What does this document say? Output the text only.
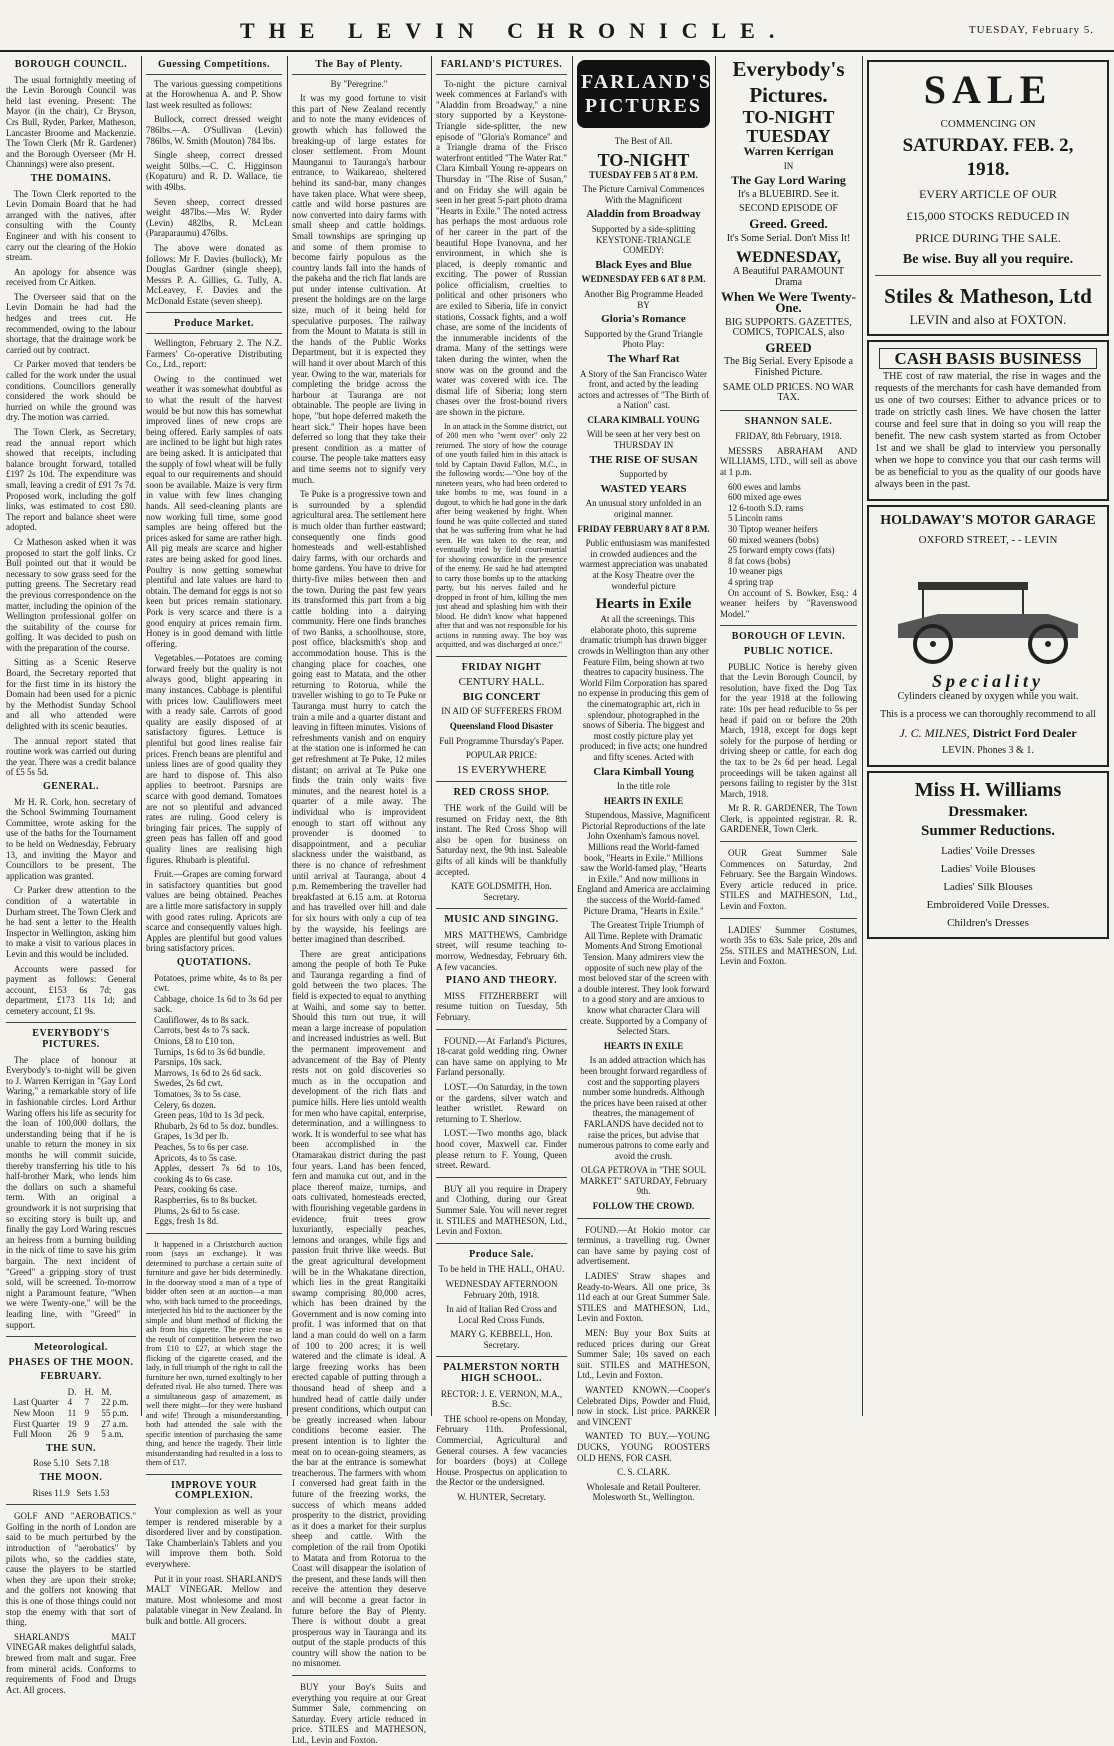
THE LEVIN CHRONICLE.	TUESDAY, February 5.
BOROUGH COUNCIL.

The usual fortnightly meeting of the Levin Borough Council was held last evening. Present: The Mayor (in the chair), Cr Bryson, Crs Bull, Ryder, Parker, Matheson, Lancaster Broome and Mackenzie. The Town Clerk (Mr R. Gardener) and the Borough Overseer (Mr H. Channings) were also present.

THE DOMAINS.

The Town Clerk reported to the Levin Domain Board that he had arranged with the natives, after consulting with the County Engineer and with his consent to carry out the clearing of the Hokio stream.

An apology for absence was received from Cr Aitken.

The Overseer said that on the Levin Domain he had had the hedges and trees cut. He recommended, owing to the labour shortage, that the drainage work be carried out by contract.

Cr Parker moved that tenders be called for the work under the usual conditions. Councillors generally considered the work should be hurried on while the ground was dry. The motion was carried.

The Town Clerk, as Secretary, read the annual report which showed that receipts, including balance brought forward, totalled £197 2s 10d. The expenditure was small, leaving a credit of £91 7s 7d. Proposed work, including the golf links, was estimated to cost £80. The report and balance sheet were adopted.

Cr Matheson asked when it was proposed to start the golf links. Cr Bull pointed out that it would be necessary to sow grass seed for the putting greens. The Secretary read the previous correspondence on the matter, including the opinion of the Wellington professional golfer on the suitability of the course for golfing. It was decided to push on with the preparation of the course.

Sitting as a Scenic Reserve Board, the Secretary reported that for the first time in its history the Domain had been used for a picnic by the Methodist Sunday School and all who attended were delighted with its scenic beauties.

The annual report stated that routine work was carried out during the year. There was a credit balance of £5 5s 5d.

GENERAL.

Mr H. R. Cork, hon. secretary of the School Swimming Tournament Committee, wrote asking for the use of the baths for the Tournament to be held on Wednesday, February 13, and inviting the Mayor and Councillors to be present. The application was granted.

Cr Parker drew attention to the condition of a watertable in Durham street. The Town Clerk and he had sent a letter to the Health Inspector in Wellington, asking him to make a visit to various places in Levin and this would be included.

Accounts were passed for payment as follows: General account, £153 6s 7d; gas department, £173 11s 1d; and cemetery account, £1 9s.

EVERYBODY'S PICTURES.

The place of honour at Everybody's to-night will be given to J. Warren Kerrigan in "Gay Lord Waring," a remarkable story of life in fashionable circles. Lord Arthur Waring offers his life as security for the loan of 100,000 dollars, the understanding being that if he is unable to return the money in six months he will commit suicide, thereby transferring his title to his half-brother Mark, who lends him the dollars on such a shameful term. With an original a groundwork it is not surprising that so exciting story is built up, and finally the gay Lord Waring rescues an heiress from a burning building in the nick of time to save his grim bargain. The next incident of "Greed" a gripping story of trust sold, will be screened. To-morrow night a Paramount feature, "When we were Twenty-one," will be the leading line, with "Greed" in support.

Meteorological.
PHASES OF THE MOON.
FEBRUARY.
	D.	H.	M.
Last Quarter	4	7	22 p.m.
New Moon	11	9	55 p.m.
First Quarter	19	9	27 a.m.
Full Moon	26	9	5 a.m.
THE SUN.

Rose 5.10 Sets 7.18

THE MOON.

Rises 11.9 Sets 1.53

GOLF AND "AEROBATICS." Golfing in the north of London are said to be much perturbed by the introduction of "aerobatics" by pilots who, so the caddies state, cause the players to be startled when they are upon their stroke; and the golfers not knowing that this is one of those things could not stop the enemy with that sort of thing.

SHARLAND'S MALT VINEGAR makes delightful salads, brewed from malt and sugar. Free from mineral acids. Conforms to requirements of Food and Drugs Act. All grocers.

Guessing Competitions.

The various guessing competitions at the Horowhenua A. and P. Show last week resulted as follows:

Bullock, correct dressed weight 786lbs.—A. O'Sullivan (Levin) 786lbs, W. Smith (Mouton) 784 lbs.

Single sheep, correct dressed weight 50lbs.—C. C. Higginson (Kopaturu) and R. D. Wallace, tie with 49lbs.

Seven sheep, correct dressed weight 487lbs.—Mrs W. Ryder (Levin) 482lbs, R. McLean (Paraparaumu) 476lbs.

The above were donated as follows: Mr F. Davies (bullock), Mr Douglas Gardner (single sheep), Messrs P. A. Gillies, G. Tully, A. McLeavey, F. Davies and the McDonald Estate (seven sheep).

Produce Market.

Wellington, February 2. The N.Z. Farmers' Co-operative Distributing Co., Ltd., report:

Owing to the continued wet weather it was somewhat doubtful as to what the result of the harvest would be but now this has somewhat improved lines of new crops are being offered. Early samples of oats are inclined to be light but high rates are being asked. It is anticipated that the supply of fowl wheat will be fully equal to our requirements and should soon be available. Maize is very firm in value with few lines changing hands. All seed-cleaning plants are now working full time, some good samples are being offered but the prices asked for same are rather high. All pig meals are scarce and higher rates are being asked for good lines. Poultry is now getting somewhat plentiful and late values are hard to obtain. The demand for eggs is not so keen but prices remain stationary. Pork is very scarce and there is a good enquiry at prices remain firm. Honey is in good demand with little offering.

Vegetables.—Potatoes are coming forward freely but the quality is not always good, blight appearing in many instances. Cabbage is plentiful with prices low. Cauliflowers meet with a ready sale. Carrots of good quality are easily disposed of at satisfactory figures. Lettuce is plentiful but good lines realise fair prices. French beans are plentiful and unless lines are of good quality they are hard to dispose of. This also applies to beetroot. Parsnips are scarce with good demand. Tomatoes are not so plentiful and advanced rates are ruling. Good celery is bringing fair prices. The supply of green peas has fallen off and good quality lines are realising high figures. Rhubarb is plentiful.

Fruit.—Grapes are coming forward in satisfactory quantities but good values are being obtained. Peaches are a little more satisfactory in supply with good rates ruling. Apricots are scarce and consequently values high. Apples are plentiful but good values bring satisfactory prices.

QUOTATIONS.
Potatoes, prime white, 4s to 8s per cwt.
Cabbage, choice 1s 6d to 3s 6d per sack.
Cauliflower, 4s to 8s sack.
Carrots, best 4s to 7s sack.
Onions, £8 to £10 ton.
Turnips, 1s 6d to 3s 6d bundle.
Parsnips, 10s sack.
Marrows, 1s 6d to 2s 6d sack.
Swedes, 2s 6d cwt.
Tomatoes, 3s to 5s case.
Celery, 6s dozen.
Green peas, 10d to 1s 3d peck.
Rhubarb, 2s 6d to 5s doz. bundles.
Grapes, 1s 3d per lb.
Peaches, 5s to 6s per case.
Apricots, 4s to 5s case.
Apples, dessert 7s 6d to 10s, cooking 4s to 6s case.
Pears, cooking 6s case.
Raspberries, 6s to 8s bucket.
Plums, 2s 6d to 5s case.
Eggs, fresh 1s 8d.

It happened in a Christchurch auction room (says an exchange). It was determined to purchase a certain suite of furniture and gave her bids determinedly. In the doorway stood a man of a type of bidder often seen at an auction—a man who, with back turned to the proceedings, interjected his bid to the auctioneer by the simple and blunt method of flicking the ash from his cigarette. The price rose as the result of competition between the two from £10 to £27, at which stage the flicking of the cigarette ceased, and the lady, in full triumph of the right to call the furniture her own, turned exultingly to her defeated rival. He also turned. There was a simultaneous gasp of amazement, as well there might—for they were husband and wife! Through a misunderstanding, both had attended the sale with the specific intention of purchasing the same thing, and hence the tragedy. Their little misunderstanding had resulted in a loss to them of £17.

IMPROVE YOUR COMPLEXION.

Your complexion as well as your temper is rendered miserable by a disordered liver and by constipation. Take Chamberlain's Tablets and you will improve them both. Sold everywhere.

Put it in your roast. SHARLAND'S MALT VINEGAR. Mellow and mature. Most wholesome and most palatable vinegar in New Zealand. In bulk and bottle. All grocers.

The Bay of Plenty.

By "Peregrine."

It was my good fortune to visit this part of New Zealand recently and to note the many evidences of growth which has followed the breaking-up of large estates for closer settlement. From Mount Maunganui to Tauranga's harbour entrance, to Waikareao, sheltered behind its sand-bar, many changes have taken place. What were sheep, cattle and wild horse pastures are now converted into dairy farms with small sheep and cattle holdings. Small townships are springing up and some of them promise to become fairly populous as the country lands fall into the hands of the pakeha and the rich flat lands are put under intense cultivation. At present the holdings are on the large size, much of it being held for speculative purposes. The railway from the Mount to Matata is still in the hands of the Public Works Department, but it is expected they will hand it over about March of this year. Owing to the war, materials for completing the bridge across the harbour at Tauranga are not obtainable. The people are living in hope, "but hope deferred maketh the heart sick." Their hopes have been deferred so long that they take their present condition as a matter of course. The people take matters easy and time seems not to signify very much.

Te Puke is a progressive town and is surrounded by a splendid agricultural area. The settlement here is much older than further eastward; consequently one finds good homesteads and well-established dairy farms, with our orchards and home gardens. You have to drive for thirty-five miles between then and the town. During the past few years its transformed this part from a big cattle holding into a dairying community. Here one finds branches of two Banks, a schoolhouse, store, post office, blacksmith's shop and accommodation house. This is the changing place for coaches, one going east to Matata, and the other returning to Rotorua, while the traveller wishing to go to Te Puke or Tauranga must hurry to catch the train a mile and a quarter distant and leaving in fifteen minutes. Visions of refreshments vanish and on enquiry at the station one is informed he can get refreshment at Te Puke, 12 miles distant; on arrival at Te Puke one finds the train only waits five minutes, and the nearest hotel is a quarter of a mile away. The individual who is improvident enough to start off without any provender is doomed to disappointment, and a peculiar slackness under the waistband, as there is no chance of refreshment until arrival at Tauranga, about 4 p.m. Remembering the traveller had breakfasted at 6.15 a.m. at Rotorua and has travelled over hill and dale for six hours with only a cup of tea by the wayside, his feelings are better imagined than described.

There are great anticipations among the people of both Te Puke and Tauranga regarding a find of gold between the two places. The field is expected to equal to anything at Waihi, and some say to better. Should this turn out true, it will mean a large increase of population and increased industries as well. But the permanent improvement and advancement of the Bay of Plenty rests not on gold discoveries so much as in the occupation and development of the rich flats and pumice hills. Here lies untold wealth for men who have capital, enterprise, determination, and a willingness to work. It is wonderful to see what has been accomplished in the Otamarakau district during the past four years. Land has been fenced, fern and manuka cut out, and in the place thereof maize, turnips, and oats cultivated, homesteads erected, with flourishing vegetable gardens in evidence, fruit trees grow luxuriantly, especially peaches, lemons and oranges, while figs and passion fruit thrive like weeds. But the great agricultural development will be in the Whakatane direction, which lies in the great Rangitaiki swamp comprising 80,000 acres, which has been drained by the Government and is now coming into profit. I was informed that on that land a man could do well on a farm of 100 to 200 acres; it is well watered and the climate is ideal. A large freezing works has been erected capable of putting through a thousand head of sheep and a hundred head of cattle daily under present conditions, which output can be greatly increased when labour conditions become easier. The present intention is to lighter the meat on to ocean-going steamers, as the bar at the entrance is somewhat treacherous. The farmers with whom I conversed had great faith in the future of the freezing works, the success of which means added prosperity to the district, providing as it does a market for their surplus sheep and cattle. With the completion of the rail from Opotiki to Matata and from Rotorua to the Coast will disappear the isolation of the present, and these lands will then receive the attention they deserve and will become a great factor in future before the Bay of Plenty. There is without doubt a great prosperous way in Tauranga and its output of the staple products of this country will show the nation to be no misnomer.

BUY your Boy's Suits and everything you require at our Great Summer Sale, commencing on Saturday. Every article reduced in price. STILES and MATHESON, Ltd., Levin and Foxton.

FARLAND'S PICTURES.

To-night the picture carnival week commences at Farland's with "Aladdin from Broadway," a nine story supported by a Keystone-Triangle side-splitter, the new episode of "Gloria's Romance" and a Triangle drama of the Frisco waterfront entitled "The Water Rat." Clara Kimball Young re-appears on Thursday in "The Rise of Susan," and on Friday she will again be seen in her great 5-part photo drama "Hearts in Exile." The noted actress has perhaps the most arduous role of her career in the part of the beautiful Hope Ivanovna, and her environment, in which she is placed, is deeply romantic and exciting. The power of Russian police officialism, cruelties to political and other prisoners who are exiled to Siberia, life in convict stations, Cossack fights, and a wolf chase, are some of the incidents of the innumerable incidents of the drama. Many of the settings were taken during the winter, when the snow was on the ground and the water was covered with ice. The dismal life of Siberia; long stern chases over the frost-bound rivers are shown in the picture.

In an attack in the Somme district, out of 200 men who "went over" only 22 returned. The story of how the courage of one youth failed him in this attack is told by Captain David Fallon, M.C., in the following words:—"One boy of the nineteen years, who had been ordered to take bombs to me, was found in a dugout, to which he had gone in the dark after being weakened by fright. When found he was quite collected and stated that he was suffering from what he had seen. He was taken to the rear, and eventually tried by field court-martial for showing cowardice in the presence of the enemy. He said he had attempted to carry those bombs up to the attacking party, but his nerves failed and he dropped in front of him, killing the men just ahead and splashing him with their blood. He didn't know what happened after that and was not responsible for his actions in running away. The boy was acquitted, and was discharged at once."

FRIDAY NIGHT

CENTURY HALL.

BIG CONCERT

IN AID OF SUFFERERS FROM

Queensland Flood Disaster

Full Programme Thursday's Paper.

POPULAR PRICE:

1S EVERYWHERE

RED CROSS SHOP.

THE work of the Guild will be resumed on Friday next, the 8th instant. The Red Cross Shop will also be open for business on Saturday next, the 9th inst. Saleable gifts of all kinds will be thankfully accepted.

KATE GOLDSMITH, Hon. Secretary.

MUSIC AND SINGING.

MRS MATTHEWS, Cambridge street, will resume teaching to-morrow, Wednesday, February 6th. A few vacancies.

PIANO AND THEORY.

MISS FITZHERBERT will resume tuition on Tuesday, 5th February.

FOUND.—At Farland's Pictures, 18-carat gold wedding ring. Owner can have same on applying to Mr Farland personally.

LOST.—On Saturday, in the town or the gardens, silver watch and leather wristlet. Reward on returning to T. Sherlow.

LOST.—Two months ago, black hood cover, Maxwell car. Finder please return to F. Young, Queen street. Reward.

BUY all you require in Drapery and Clothing, during our Great Summer Sale. You will never regret it. STILES and MATHESON, Ltd., Levin and Foxton.

Produce Sale.

To be held in THE HALL, OHAU.

WEDNESDAY AFTERNOON February 20th, 1918.

In aid of Italian Red Cross and Local Red Cross Funds.

MARY G. KEBBELL, Hon. Secretary.

PALMERSTON NORTH HIGH SCHOOL.

RECTOR: J. E. VERNON, M.A., B.Sc.

THE school re-opens on Monday, February 11th. Professional, Commercial, Agricultural and General courses. A few vacancies for boarders (boys) at College House. Prospectus on application to the Rector or the undersigned.

W. HUNTER, Secretary.

FARLAND'S PICTURES

The Best of All.

TO-NIGHT

TUESDAY FEB 5 AT 8 P.M.

The Picture Carnival Commences With the Magnificent

Aladdin from Broadway

Supported by a side-splitting KEYSTONE-TRIANGLE COMEDY:

Black Eyes and Blue

WEDNESDAY FEB 6 AT 8 P.M.

Another Big Programme Headed BY

Gloria's Romance

Supported by the Grand Triangle Photo Play:

The Wharf Rat

A Story of the San Francisco Water front, and acted by the leading actors and actresses of "The Birth of a Nation" cast.

CLARA KIMBALL YOUNG

Will be seen at her very best on THURSDAY IN

THE RISE OF SUSAN

Supported by

WASTED YEARS

An unusual story unfolded in an original manner.

FRIDAY FEBRUARY 8 AT 8 P.M.

Public enthusiasm was manifested in crowded audiences and the warmest appreciation was unabated at the Kosy Theatre over the wonderful picture

Hearts in Exile

At all the screenings. This elaborate photo, this supreme dramatic triumph has drawn bigger crowds in Wellington than any other Feature Film, being shown at two theatres to capacity business. The World Film Corporation has spared no expense in producing this gem of the cinematographic art, rich in splendour, photographed in the snows of Siberia. The biggest and most costly picture play yet produced; in five acts; one hundred and fifty scenes. Acted with

Clara Kimball Young

In the title role

HEARTS IN EXILE

Stupendous, Massive, Magnificent Pictorial Reproductions of the late John Oxenham's famous novel. Millions read the World-famed book, "Hearts in Exile." Millions saw the World-famed play, "Hearts in Exile." And now millions in England and America are acclaiming the success of the World-famed Picture Drama, "Hearts in Exile."

The Greatest Triple Triumph of All Time. Replete with Dramatic Moments And Strong Emotional Tension. Many admirers view the opposite of such new play of the most beloved star of the screen with a double interest. They look forward to a good story and are anxious to know what character Clara will create. Supported by a Company of Selected Stars.

HEARTS IN EXILE

Is an added attraction which has been brought forward regardless of cost and the supporting players number some hundreds. Although the prices have been raised at other theatres, the management of FARLANDS have decided not to raise the prices, but advise that numerous patrons to come early and avoid the crush.

OLGA PETROVA in "THE SOUL MARKET" SATURDAY, February 9th.

FOLLOW THE CROWD.

FOUND.—At Hokio motor car terminus, a travelling rug. Owner can have same by paying cost of advertisement.

LADIES' Straw shapes and Ready-to-Wears. All one price, 3s 11d each at our Great Summer Sale. STILES and MATHESON, Ltd., Levin and Foxton.

MEN: Buy your Box Suits at reduced prices during our Great Summer Sale; 10s saved on each suit. STILES and MATHESON, Ltd., Levin and Foxton.

WANTED KNOWN.—Cooper's Celebrated Dips, Powder and Fluid, now in stock. List price. PARKER and VINCENT

WANTED TO BUY.—YOUNG DUCKS, YOUNG ROOSTERS OLD HENS, FOR CASH.

C. S. CLARK.

Wholesale and Retail Poulterer. Molesworth St., Wellington.

Everybody's Pictures.
TO-NIGHT
TUESDAY

Warren Kerrigan

IN

The Gay Lord Waring

It's a BLUEBIRD. See it.

SECOND EPISODE OF

Greed. Greed.

It's Some Serial. Don't Miss It!

WEDNESDAY,

A Beautiful PARAMOUNT Drama

When We Were Twenty-One.

BIG SUPPORTS. GAZETTES, COMICS, TOPICALS, also

GREED

The Big Serial. Every Episode a Finished Picture.

SAME OLD PRICES. NO WAR TAX.

SHANNON SALE.

FRIDAY, 8th February, 1918.

MESSRS ABRAHAM AND WILLIAMS, LTD., will sell as above at 1 p.m.

600 ewes and lambs
600 mixed age ewes
12 6-tooth S.D. rams
5 Lincoln rams
30 Tiptop weaner heifers
60 mixed weaners (bobs)
25 forward empty cows (fats)
8 fat cows (bobs)
10 weaner pigs
4 spring trap

On account of S. Bowker, Esq.: 4 weaner heifers by "Ravenswood Model."

BOROUGH OF LEVIN.
PUBLIC NOTICE.

PUBLIC Notice is hereby given that the Levin Borough Council, by resolution, have fixed the Dog Tax for the year 1918 at the following rate: 10s per head reducible to 5s per head if paid on or before the 20th March, 1918, except for dogs kept solely for the purpose of herding or driving sheep or cattle, for each dog the tax to be 2s 6d per head. Legal proceedings will be taken against all persons failing to register by the 31st March, 1918.

Mr R. R. GARDENER, The Town Clerk, is appointed registrar. R. R. GARDENER, Town Clerk.

OUR Great Summer Sale Commences on Saturday, 2nd February. See the Bargain Windows. Every article reduced in price. STILES and MATHESON, Ltd., Levin and Foxton.

LADIES' Summer Costumes, worth 35s to 63s. Sale price, 20s and 25s. STILES and MATHESON, Ltd. Levin and Foxton.

SALE
COMMENCING ON
SATURDAY. FEB. 2,
1918.
EVERY ARTICLE OF OUR
£15,000 STOCKS REDUCED IN
PRICE DURING THE SALE.
Be wise. Buy all you require.
Stiles & Matheson, Ltd
LEVIN and also at FOXTON.
CASH BASIS BUSINESS

THE cost of raw material, the rise in wages and the requests of the merchants for cash have demanded from us one of two courses: Either to advance prices or to trade on strictly cash lines. We have chosen the latter course and feel sure that in doing so you will reap the benefit. The new cash system started as from October 1st and we shall be glad to interview you personally when we hope to convince you that our cash terms will be as beneficial to you as the quality of our goods have always been in the past.

HOLDAWAY'S MOTOR GARAGE
OXFORD STREET, - - LEVIN
Speciality
Cylinders cleaned by oxygen while you wait.
This is a process we can thoroughly recommend to all
J. C. MILNES, District Ford Dealer
LEVIN. Phones 3 & 1.
Miss H. Williams
Dressmaker.
Summer Reductions.
Ladies' Voile Dresses
Ladies' Voile Blouses
Ladies' Silk Blouses
Embroidered Voile Dresses.
Children's Dresses
